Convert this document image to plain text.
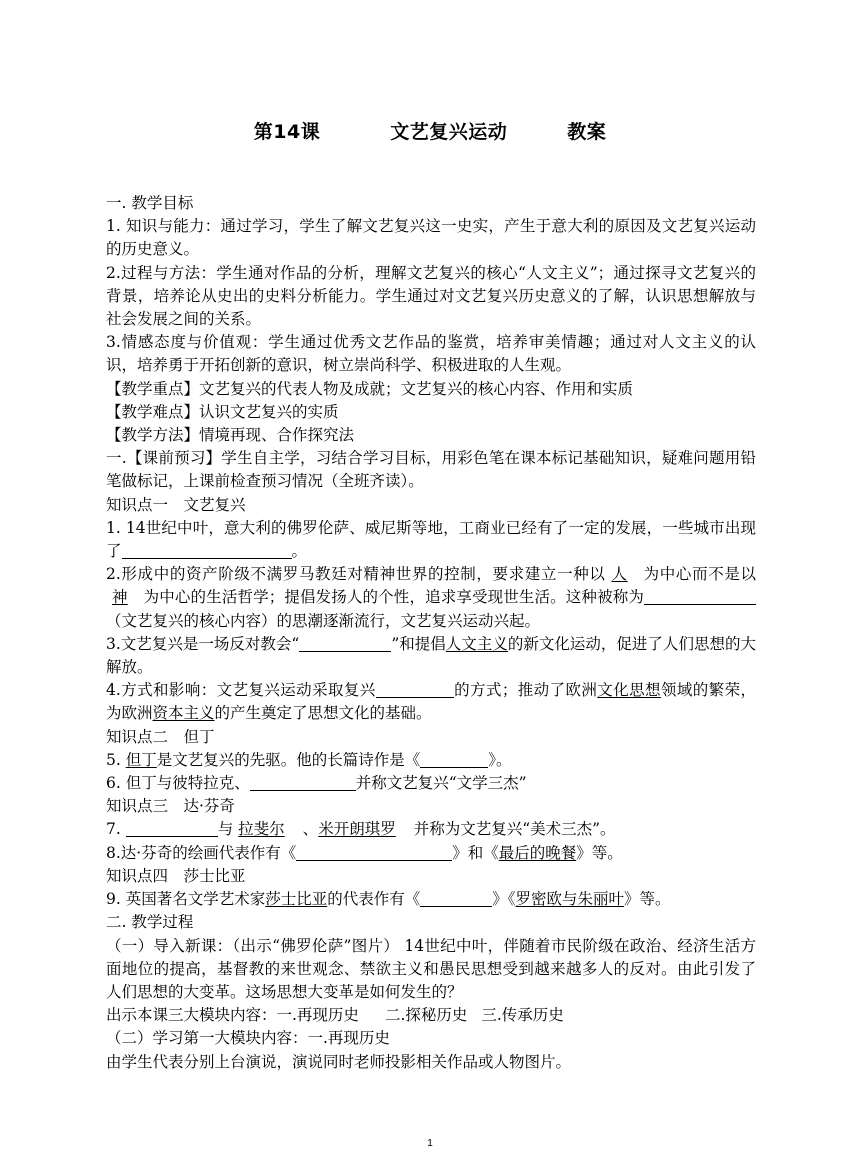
第14课	文艺复兴运动	教案

一. 教学目标

1. 知识与能力：通过学习，学生了解文艺复兴这一史实，产生于意大利的原因及文艺复兴运动的历史意义。

2.过程与方法：学生通对作品的分析，理解文艺复兴的核心“人文主义”；通过探寻文艺复兴的背景，培养论从史出的史料分析能力。学生通过对文艺复兴历史意义的了解，认识思想解放与社会发展之间的关系。

3.情感态度与价值观：学生通过优秀文艺作品的鉴赏，培养审美情趣；通过对人文主义的认识，培养勇于开拓创新的意识，树立崇尚科学、积极进取的人生观。

【教学重点】文艺复兴的代表人物及成就；文艺复兴的核心内容、作用和实质

【教学难点】认识文艺复兴的实质

【教学方法】情境再现、合作探究法

一.【课前预习】学生自主学，习结合学习目标，用彩色笔在课本标记基础知识，疑难问题用铅笔做标记，上课前检查预习情况（全班齐读）。

知识点一　文艺复兴

1. 14世纪中叶，意大利的佛罗伦萨、威尼斯等地，工商业已经有了一定的发展，一些城市出现了	。

2.形成中的资产阶级不满罗马教廷对精神世界的控制，要求建立一种以 人 为中心而不是以神 为中心的生活哲学；提倡发扬人的个性，追求享受现世生活。这种被称为（文艺复兴的核心内容）的思潮逐渐流行，文艺复兴运动兴起。

3.文艺复兴是一场反对教会“	”和提倡人文主义的新文化运动，促进了人们思想的大解放。

4.方式和影响：文艺复兴运动采取复兴	的方式；推动了欧洲文化思想领域的繁荣，为欧洲资本主义的产生奠定了思想文化的基础。

知识点二　但丁

5. 但丁是文艺复兴的先驱。他的长篇诗作是《	》。

6. 但丁与彼特拉克、	并称文艺复兴“文学三杰”

知识点三　达·芬奇

7.	与 拉斐尔 、米开朗琪罗 并称为文艺复兴“美术三杰”。

8.达·芬奇的绘画代表作有《	》和《最后的晚餐》等。

知识点四　莎士比亚

9. 英国著名文学艺术家莎士比亚的代表作有《	》《罗密欧与朱丽叶》等。

二. 教学过程

（一）导入新课：（出示“佛罗伦萨”图片） 14世纪中叶，伴随着市民阶级在政治、经济生活方面地位的提高，基督教的来世观念、禁欲主义和愚民思想受到越来越多人的反对。由此引发了人们思想的大变革。这场思想大变革是如何发生的？

出示本课三大模块内容：一.再现历史 二.探秘历史 三.传承历史

（二）学习第一大模块内容：一.再现历史

由学生代表分别上台演说，演说同时老师投影相关作品或人物图片。

1
